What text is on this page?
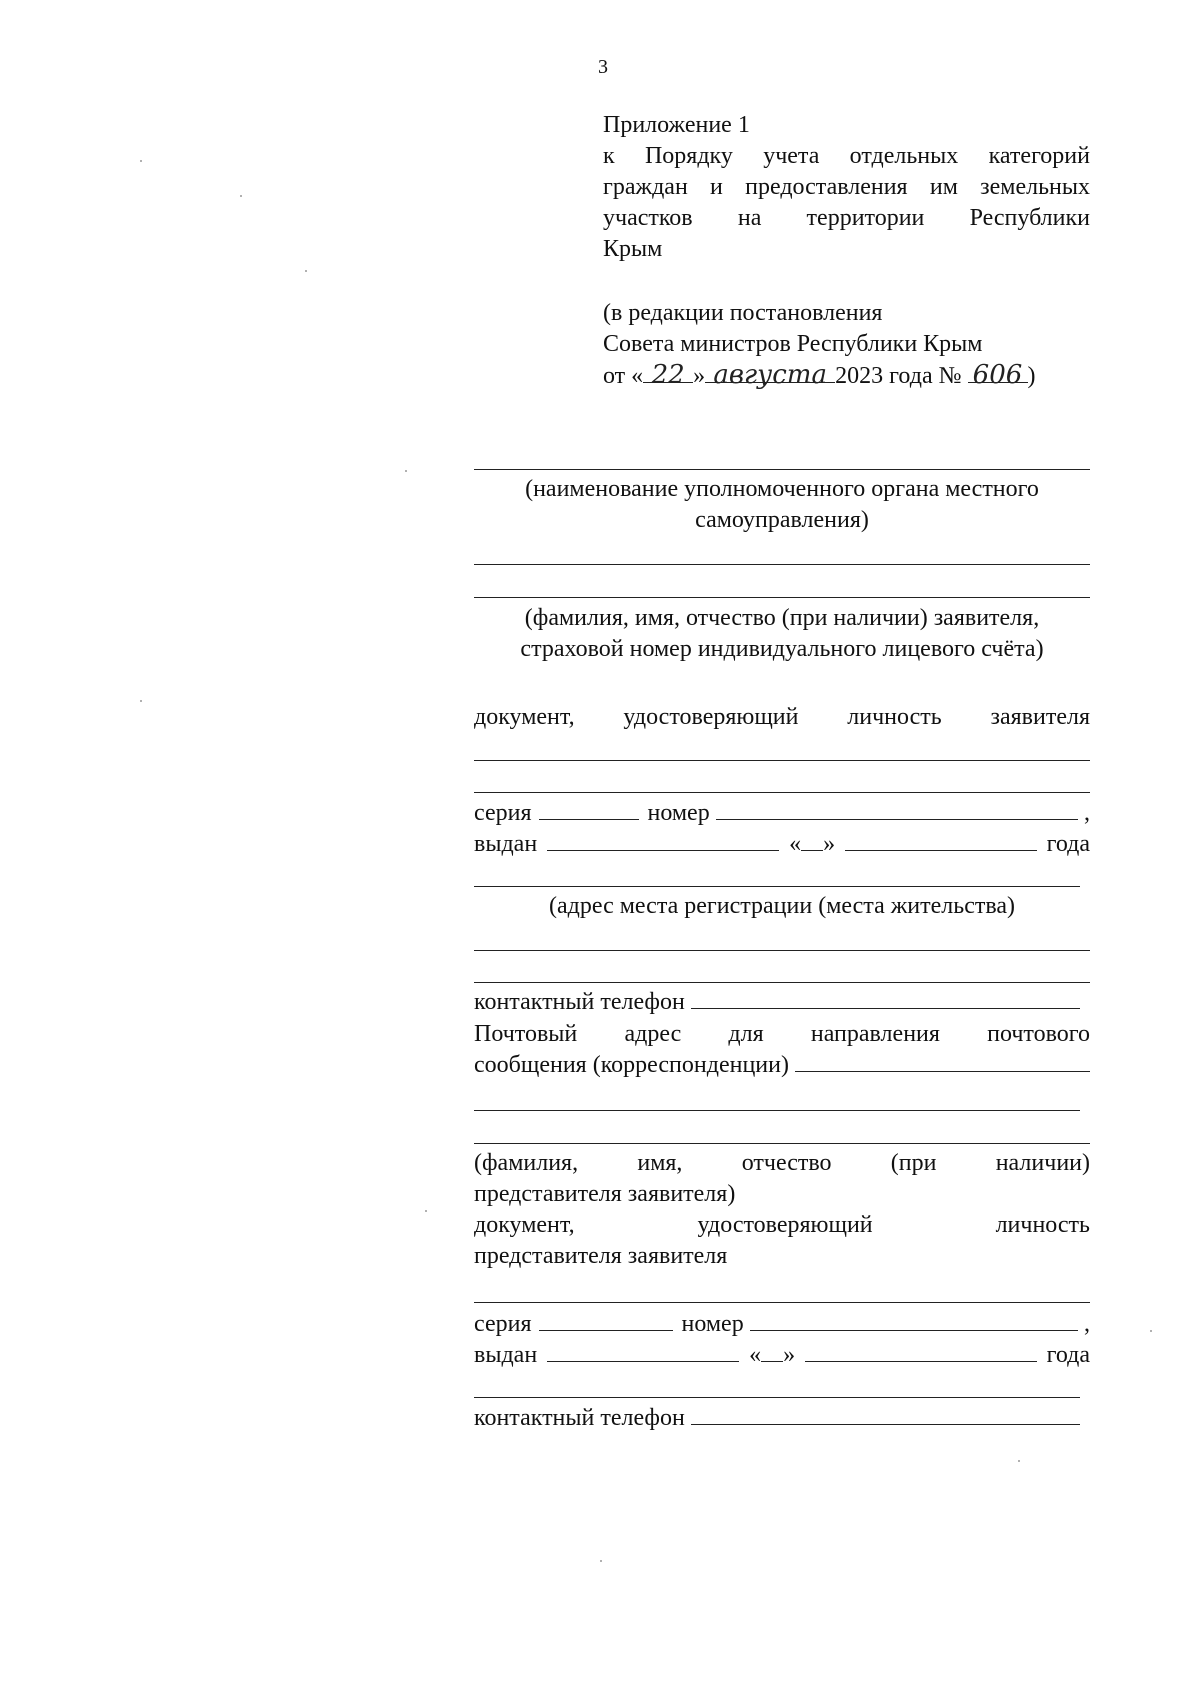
3
Приложение 1
к Порядку учета отдельных категорий
граждан и предоставления им земельных
участков на территории Республики
Крым
(в редакции постановления
Совета министров Республики Крым
от « 22 » августа 2023 года № 606 )
(наименование уполномоченного органа местного
самоуправления)
(фамилия, имя, отчество (при наличии) заявителя,
страховой номер индивидуального лицевого счёта)
документ, удостоверяющий личность заявителя
серия	номер	,
выдан	« »	года
(адрес места регистрации (места жительства)
контактный телефон
Почтовый адрес для направления почтового
сообщения (корреспонденции)
(фамилия, имя, отчество (при наличии)
представителя заявителя)
документ, удостоверяющий личность
представителя заявителя
серия	номер	,
выдан	« »	года
контактный телефон
